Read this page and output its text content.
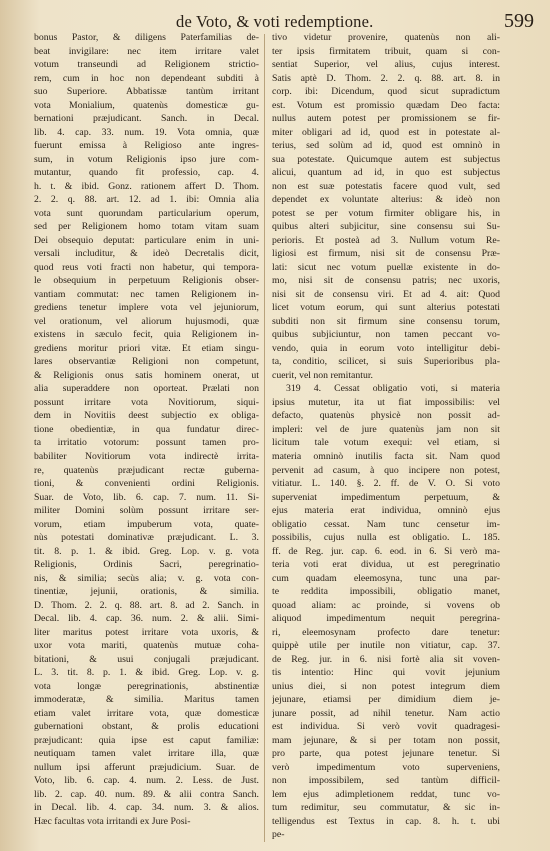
de Voto, & voti redemptione.	599
bonus Pastor, & diligens Paterfamilias de-
beat invigilare: nec item irritare valet
votum transeundi ad Religionem strictio-
rem, cum in hoc non dependeant subditi à
suo Superiore. Abbatissæ tantùm irritant
vota Monialium, quatenùs domesticæ gu-
bernationi præjudicant. Sanch. in Decal.
lib. 4. cap. 33. num. 19. Vota omnia, quæ
fuerunt emissa à Religioso ante ingres-
sum, in votum Religionis ipso jure com-
mutantur, quando fit professio, cap. 4.
h. t. & ibid. Gonz. rationem affert D. Thom.
2. 2. q. 88. art. 12. ad 1. ibi: Omnia alia
vota sunt quorundam particularium operum,
sed per Religionem homo totam vitam suam
Dei obsequio deputat: particulare enim in uni-
versali includitur, & ideò Decretalis dicit,
quod reus voti fracti non habetur, qui tempora-
le obsequium in perpetuum Religionis obser-
vantiam commutat: nec tamen Religionem in-
grediens tenetur implere vota vel jejuniorum,
vel orationum, vel aliorum hujusmodi, quæ
existens in sæculo fecit, quia Religionem in-
grediens moritur priori vitæ. Et etiam singu-
lares observantiæ Religioni non competunt,
& Religionis onus satis hominem onerat, ut
alia superaddere non oporteat. Prælati non
possunt irritare vota Novitiorum, siqui-
dem in Novitiis deest subjectio ex obliga-
tione obedientiæ, in qua fundatur direc-
ta irritatio votorum: possunt tamen pro-
babiliter Novitiorum vota indirectè irrita-
re, quatenùs præjudicant rectæ guberna-
tioni, & convenienti ordini Religionis.
Suar. de Voto, lib. 6. cap. 7. num. 11. Si-
militer Domini solùm possunt irritare ser-
vorum, etiam impuberum vota, quate-
nùs potestati dominativæ præjudicant. L. 3.
tit. 8. p. 1. & ibid. Greg. Lop. v. g. vota
Religionis, Ordinis Sacri, peregrinatio-
nis, & similia; secùs alia; v. g. vota con-
tinentiæ, jejunii, orationis, & similia.
D. Thom. 2. 2. q. 88. art. 8. ad 2. Sanch. in
Decal. lib. 4. cap. 36. num. 2. & alii. Simi-
liter maritus potest irritare vota uxoris, &
uxor vota mariti, quatenùs mutuæ coha-
bitationi, & usui conjugali præjudicant.
L. 3. tit. 8. p. 1. & ibid. Greg. Lop. v. g.
vota longæ peregrinationis, abstinentiæ
immoderatæ, & similia. Maritus tamen
etiam valet irritare vota, quæ domesticæ
gubernationi obstant, & prolis educationi
præjudicant: quia ipse est caput familiæ:
neutiquam tamen valet irritare illa, quæ
nullum ipsi afferunt præjudicium. Suar. de
Voto, lib. 6. cap. 4. num. 2. Less. de Just.
lib. 2. cap. 40. num. 89. & alii contra Sanch.
in Decal. lib. 4. cap. 34. num. 3. & alios.
Hæc facultas vota irritandi ex Jure Posi-
tivo videtur provenire, quatenùs non ali-
ter ipsis firmitatem tribuit, quam si con-
sentiat Superior, vel alius, cujus interest.
Satis aptè D. Thom. 2. 2. q. 88. art. 8. in
corp. ibi: Dicendum, quod sicut supradictum
est. Votum est promissio quædam Deo facta:
nullus autem potest per promissionem se fir-
miter obligari ad id, quod est in potestate al-
terius, sed solùm ad id, quod est omninò in
sua potestate. Quicumque autem est subjectus
alicui, quantum ad id, in quo est subjectus
non est suæ potestatis facere quod vult, sed
dependet ex voluntate alterius: & ideò non
potest se per votum firmiter obligare his, in
quibus alteri subjicitur, sine consensu sui Su-
perioris. Et posteà ad 3. Nullum votum Re-
ligiosi est firmum, nisi sit de consensu Præ-
lati: sicut nec votum puellæ existente in do-
mo, nisi sit de consensu patris; nec uxoris,
nisi sit de consensu viri. Et ad 4. ait: Quod
licet votum eorum, qui sunt alterius potestati
subditi non sit firmum sine consensu torum,
quibus subjiciuntur, non tamen peccant vo-
vendo, quia in eorum voto intelligitur debi-
ta, conditio, scilicet, si suis Superioribus pla-
cuerit, vel non remitantur.
319 4. Cessat obligatio voti, si materia
ipsius mutetur, ita ut fiat impossibilis: vel
defacto, quatenùs physicè non possit ad-
impleri: vel de jure quatenùs jam non sit
licitum tale votum exequi: vel etiam, si
materia omninò inutilis facta sit. Nam quod
pervenit ad casum, à quo incipere non potest,
vitiatur. L. 140. §. 2. ff. de V. O. Si voto
superveniat impedimentum perpetuum, &
ejus materia erat individua, omninò ejus
obligatio cessat. Nam tunc censetur im-
possibilis, cujus nulla est obligatio. L. 185.
ff. de Reg. jur. cap. 6. eod. in 6. Si verò ma-
teria voti erat dividua, ut est peregrinatio
cum quadam eleemosyna, tunc una par-
te reddita impossibili, obligatio manet,
quoad aliam: ac proinde, si vovens ob
aliquod impedimentum nequit peregrina-
ri, eleemosynam profecto dare tenetur:
quippè utile per inutile non vitiatur, cap. 37.
de Reg. jur. in 6. nisi fortè alia sit voven-
tis intentio: Hinc qui vovit jejunium
unius diei, si non potest integrum diem
jejunare, etiamsi per dimidium diem je-
junare possit, ad nihil tenetur. Nam actio
est individua. Si verò vovit quadragesi-
mam jejunare, & si per totam non possit,
pro parte, qua potest jejunare tenetur. Si
verò impedimentum voto superveniens,
non impossibilem, sed tantùm difficil-
lem ejus adimpletionem reddat, tunc vo-
tum redimitur, seu commutatur, & sic in-
telligendus est Textus in cap. 8. h. t. ubi
pe-
